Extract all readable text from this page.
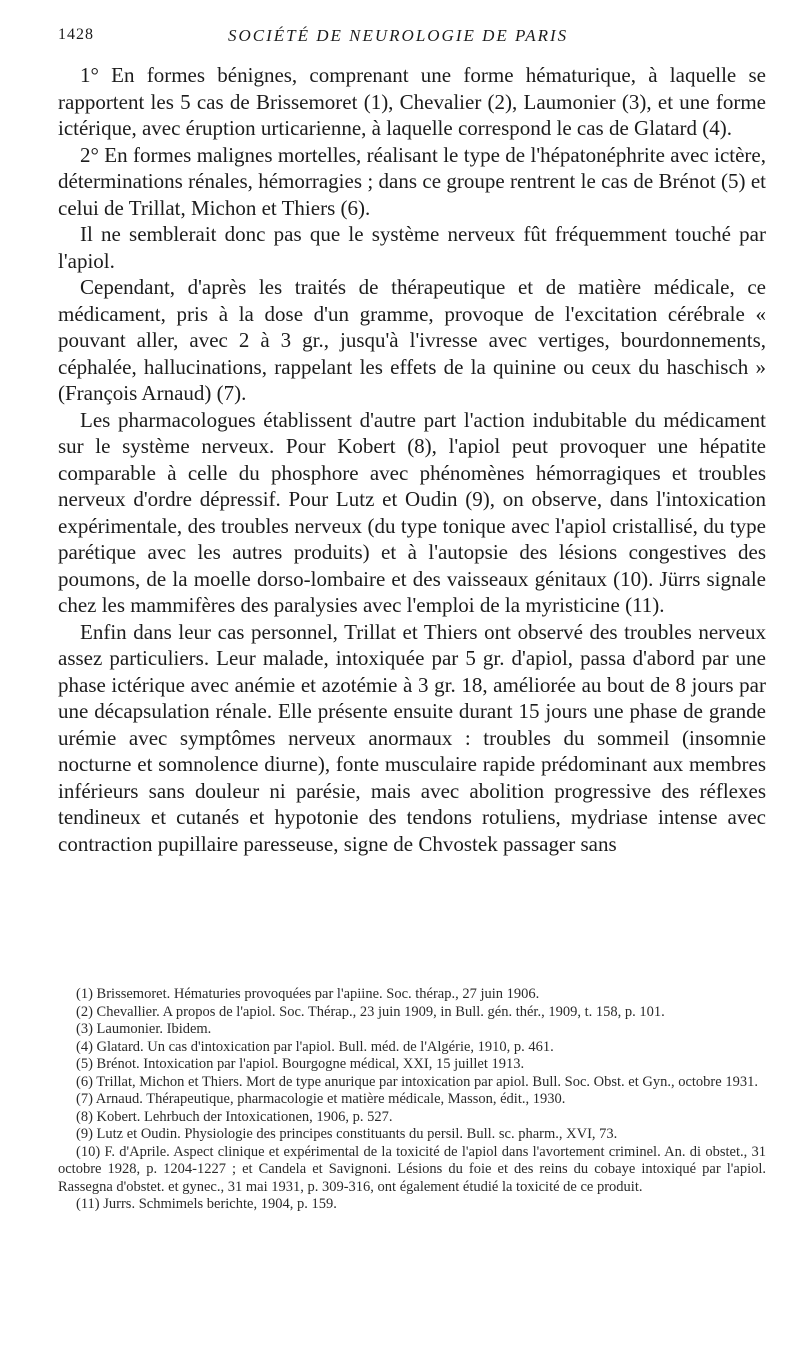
1428	SOCIÉTÉ DE NEUROLOGIE DE PARIS

1° En formes bénignes, comprenant une forme hématurique, à laquelle se rapportent les 5 cas de Brissemoret (1), Chevalier (2), Laumonier (3), et une forme ictérique, avec éruption urticarienne, à laquelle correspond le cas de Glatard (4).

2° En formes malignes mortelles, réalisant le type de l'hépatonéphrite avec ictère, déterminations rénales, hémorragies ; dans ce groupe rentrent le cas de Brénot (5) et celui de Trillat, Michon et Thiers (6).

Il ne semblerait donc pas que le système nerveux fût fréquemment touché par l'apiol.

Cependant, d'après les traités de thérapeutique et de matière médicale, ce médicament, pris à la dose d'un gramme, provoque de l'excitation cérébrale « pouvant aller, avec 2 à 3 gr., jusqu'à l'ivresse avec vertiges, bourdonnements, céphalée, hallucinations, rappelant les effets de la quinine ou ceux du haschisch » (François Arnaud) (7).

Les pharmacologues établissent d'autre part l'action indubitable du médicament sur le système nerveux. Pour Kobert (8), l'apiol peut provoquer une hépatite comparable à celle du phosphore avec phénomènes hémorragiques et troubles nerveux d'ordre dépressif. Pour Lutz et Oudin (9), on observe, dans l'intoxication expérimentale, des troubles nerveux (du type tonique avec l'apiol cristallisé, du type parétique avec les autres produits) et à l'autopsie des lésions congestives des poumons, de la moelle dorso-lombaire et des vaisseaux génitaux (10). Jürrs signale chez les mammifères des paralysies avec l'emploi de la myristicine (11).

Enfin dans leur cas personnel, Trillat et Thiers ont observé des troubles nerveux assez particuliers. Leur malade, intoxiquée par 5 gr. d'apiol, passa d'abord par une phase ictérique avec anémie et azotémie à 3 gr. 18, améliorée au bout de 8 jours par une décapsulation rénale. Elle présente ensuite durant 15 jours une phase de grande urémie avec symptômes nerveux anormaux : troubles du sommeil (insomnie nocturne et somnolence diurne), fonte musculaire rapide prédominant aux membres inférieurs sans douleur ni parésie, mais avec abolition progressive des réflexes tendineux et cutanés et hypotonie des tendons rotuliens, mydriase intense avec contraction pupillaire paresseuse, signe de Chvostek passager sans

(1) Brissemoret. Hématuries provoquées par l'apiine. Soc. thérap., 27 juin 1906.

(2) Chevallier. A propos de l'apiol. Soc. Thérap., 23 juin 1909, in Bull. gén. thér., 1909, t. 158, p. 101.

(3) Laumonier. Ibidem.

(4) Glatard. Un cas d'intoxication par l'apiol. Bull. méd. de l'Algérie, 1910, p. 461.

(5) Brénot. Intoxication par l'apiol. Bourgogne médical, XXI, 15 juillet 1913.

(6) Trillat, Michon et Thiers. Mort de type anurique par intoxication par apiol. Bull. Soc. Obst. et Gyn., octobre 1931.

(7) Arnaud. Thérapeutique, pharmacologie et matière médicale, Masson, édit., 1930.

(8) Kobert. Lehrbuch der Intoxicationen, 1906, p. 527.

(9) Lutz et Oudin. Physiologie des principes constituants du persil. Bull. sc. pharm., XVI, 73.

(10) F. d'Aprile. Aspect clinique et expérimental de la toxicité de l'apiol dans l'avortement criminel. An. di obstet., 31 octobre 1928, p. 1204-1227 ; et Candela et Savignoni. Lésions du foie et des reins du cobaye intoxiqué par l'apiol. Rassegna d'obstet. et gynec., 31 mai 1931, p. 309-316, ont également étudié la toxicité de ce produit.

(11) Jurrs. Schmimels berichte, 1904, p. 159.
